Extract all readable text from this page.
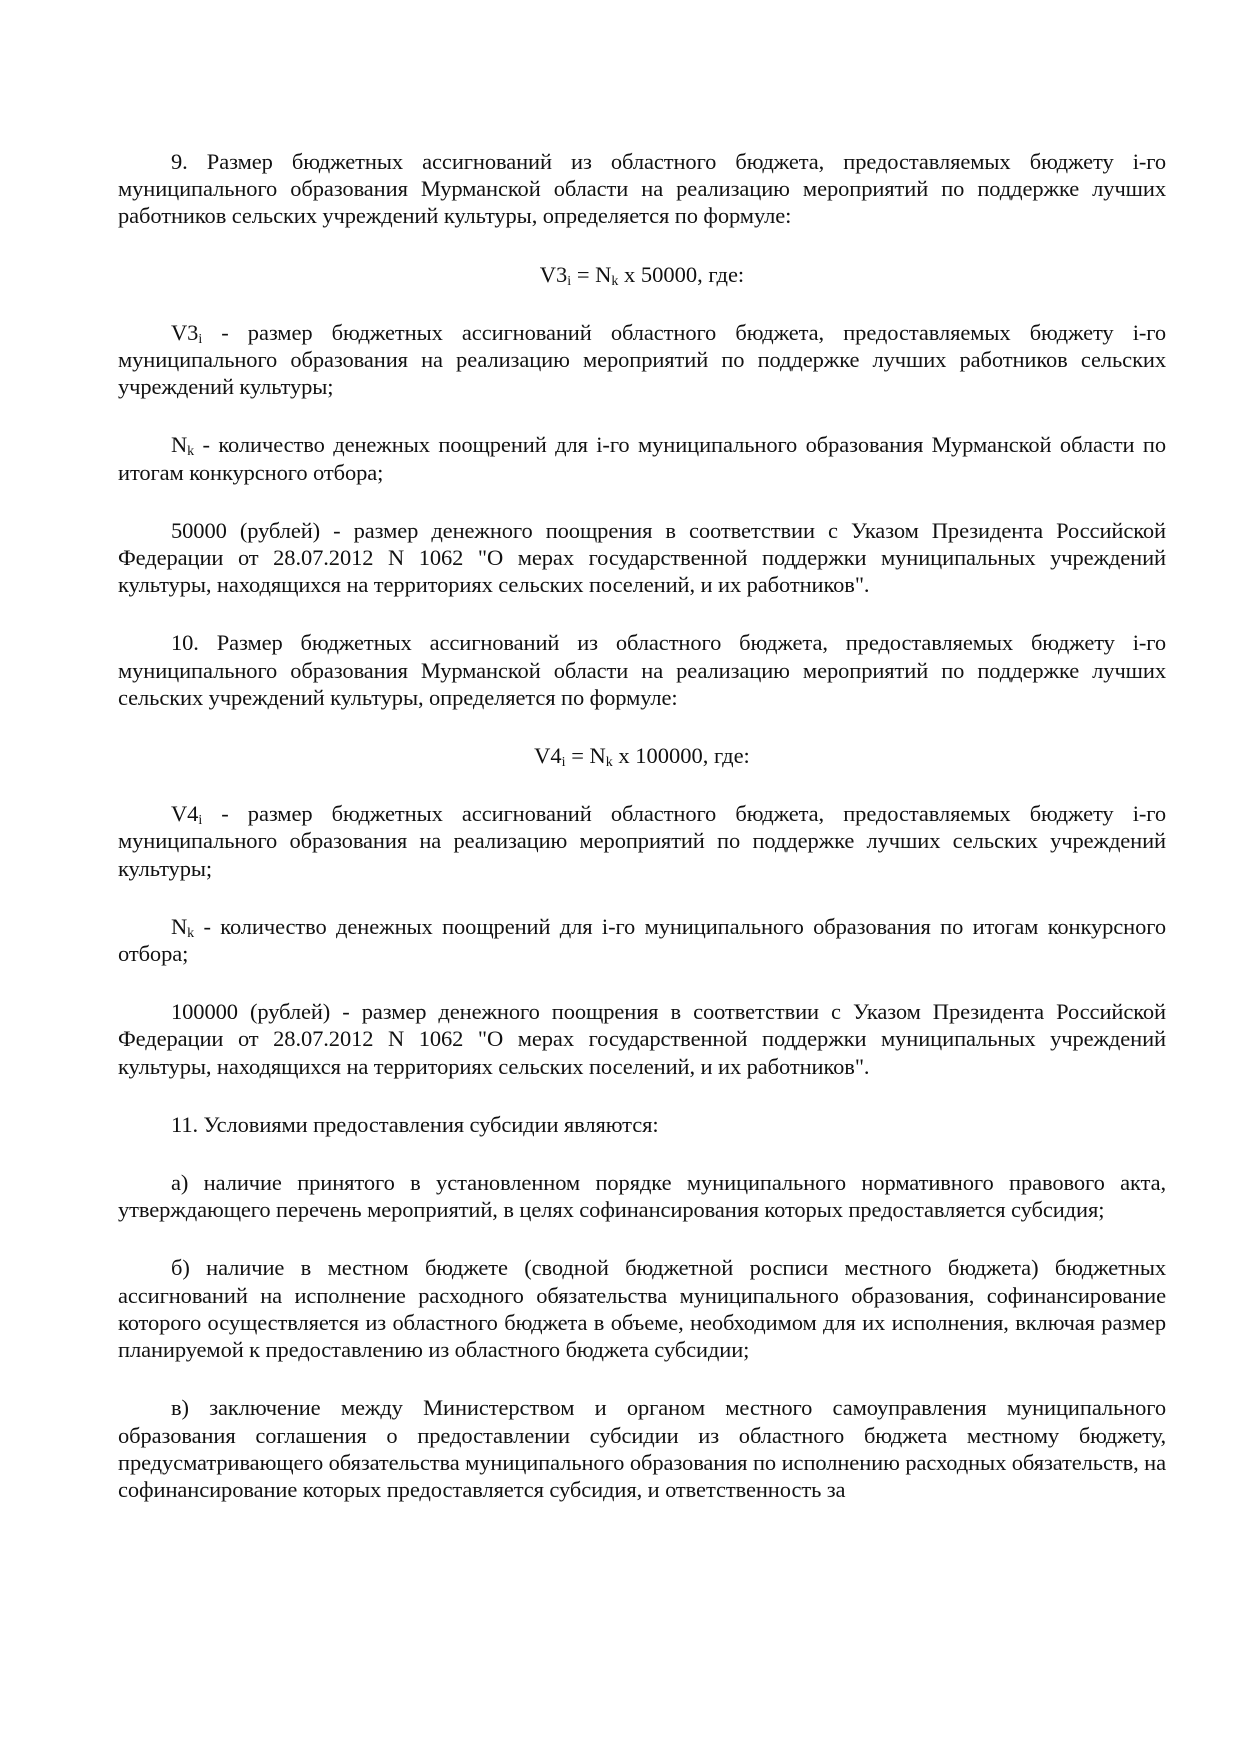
9. Размер бюджетных ассигнований из областного бюджета, предоставляемых бюджету i-го муниципального образования Мурманской области на реализацию мероприятий по поддержке лучших работников сельских учреждений культуры, определяется по формуле:

$V3_i = N_k$ x 50000, где:

$V3_i$ - размер бюджетных ассигнований областного бюджета, предоставляемых бюджету i-го муниципального образования на реализацию мероприятий по поддержке лучших работников сельских учреждений культуры;

$N_k$ - количество денежных поощрений для i-го муниципального образования Мурманской области по итогам конкурсного отбора;

50000 (рублей) - размер денежного поощрения в соответствии с Указом Президента Российской Федерации от 28.07.2012 N 1062 "О мерах государственной поддержки муниципальных учреждений культуры, находящихся на территориях сельских поселений, и их работников".

10. Размер бюджетных ассигнований из областного бюджета, предоставляемых бюджету i-го муниципального образования Мурманской области на реализацию мероприятий по поддержке лучших сельских учреждений культуры, определяется по формуле:

$V4_i = N_k$ x 100000, где:

$V4_i$ - размер бюджетных ассигнований областного бюджета, предоставляемых бюджету i-го муниципального образования на реализацию мероприятий по поддержке лучших сельских учреждений культуры;

$N_k$ - количество денежных поощрений для i-го муниципального образования по итогам конкурсного отбора;

100000 (рублей) - размер денежного поощрения в соответствии с Указом Президента Российской Федерации от 28.07.2012 N 1062 "О мерах государственной поддержки муниципальных учреждений культуры, находящихся на территориях сельских поселений, и их работников".

11. Условиями предоставления субсидии являются:

а) наличие принятого в установленном порядке муниципального нормативного правового акта, утверждающего перечень мероприятий, в целях софинансирования которых предоставляется субсидия;

б) наличие в местном бюджете (сводной бюджетной росписи местного бюджета) бюджетных ассигнований на исполнение расходного обязательства муниципального образования, софинансирование которого осуществляется из областного бюджета в объеме, необходимом для их исполнения, включая размер планируемой к предоставлению из областного бюджета субсидии;

в) заключение между Министерством и органом местного самоуправления муниципального образования соглашения о предоставлении субсидии из областного бюджета местному бюджету, предусматривающего обязательства муниципального образования по исполнению расходных обязательств, на софинансирование которых предоставляется субсидия, и ответственность за
